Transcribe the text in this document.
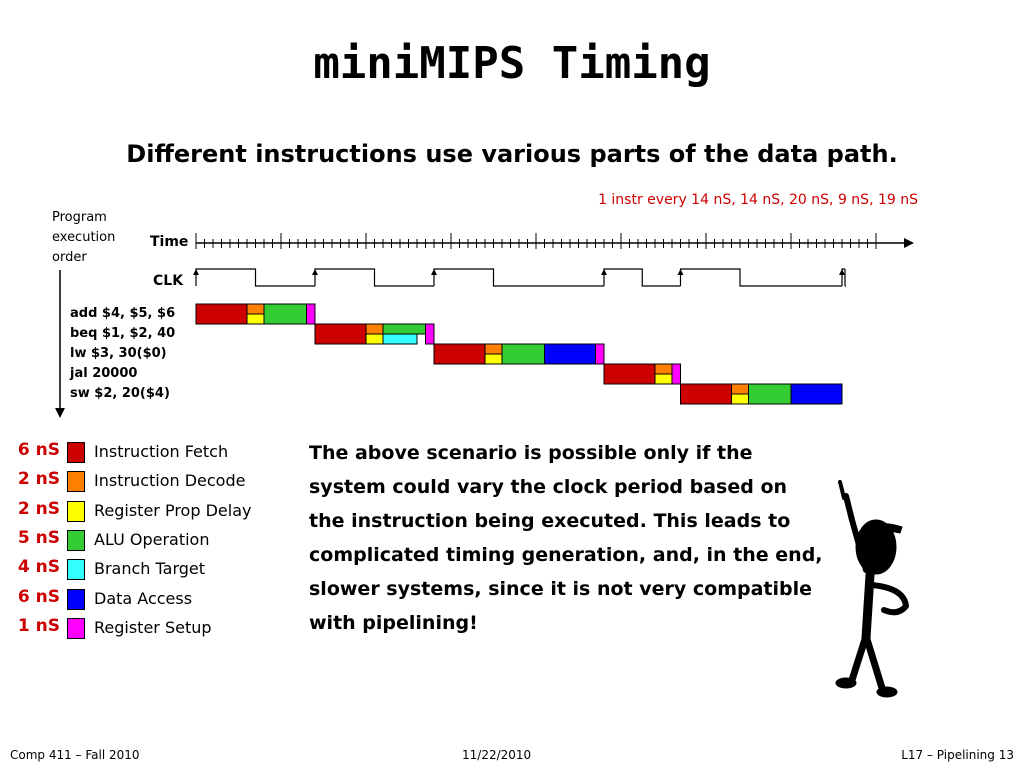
miniMIPS Timing
Different instructions use various parts of the data path.
1 instr every 14 nS, 14 nS, 20 nS, 9 nS, 19 nS
Program
execution
order
Time
CLK
add $4, $5, $6
beq $1, $2, 40
lw $3, 30($0)
jal 20000
sw $2, 20($4)
6 nS Instruction Fetch
2 nS Instruction Decode
2 nS Register Prop Delay
5 nS ALU Operation
4 nS Branch Target
6 nS Data Access
1 nS Register Setup
The above scenario is possible only if the system could vary the clock period based on the instruction being executed. This leads to complicated timing generation, and, in the end, slower systems, since it is not very compatible with pipelining!
Comp 411 – Fall 2010	11/22/2010	L17 – Pipelining 13
